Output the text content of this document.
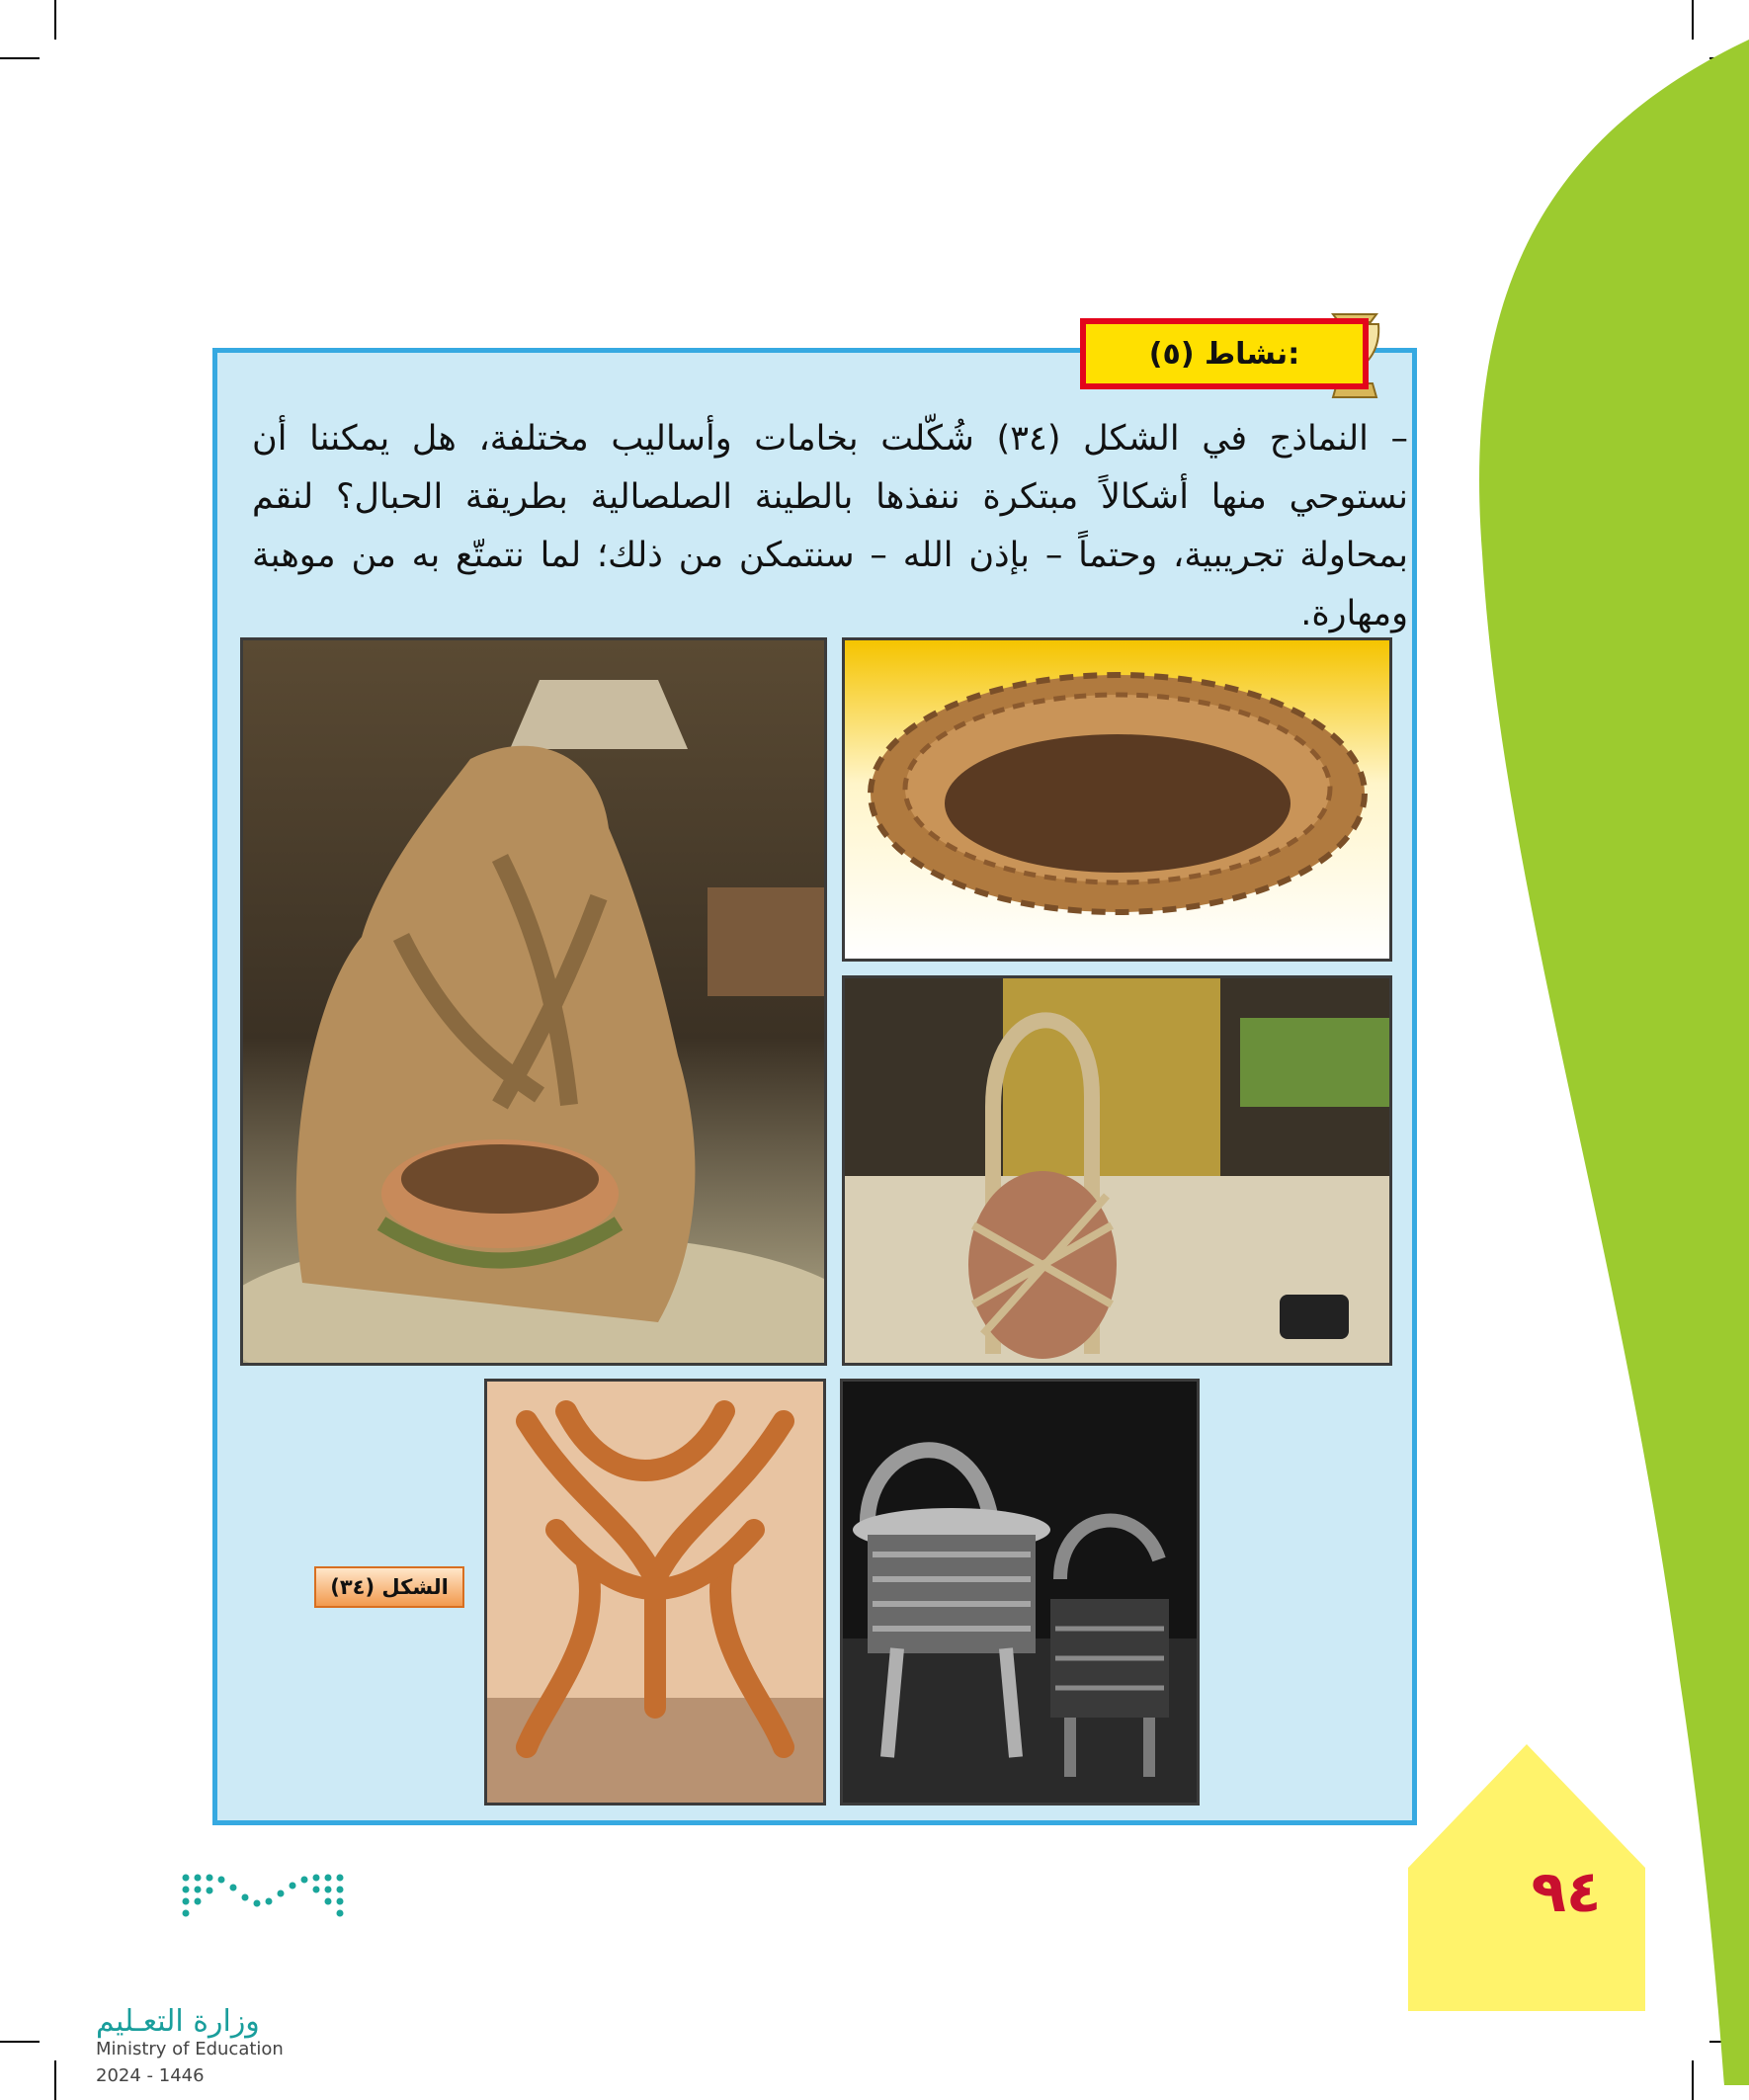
نشاط (٥):
– النماذج في الشكل (٣٤) شُكّلت بخامات وأساليب مختلفة، هل يمكننا أن نستوحي منها أشكالاً مبتكرة ننفذها بالطينة الصلصالية بطريقة الحبال؟ لنقم بمحاولة تجريبية، وحتماً – بإذن الله – سنتمكن من ذلك؛ لما نتمتّع به من موهبة ومهارة.
الشكل (٣٤)
٩٤
وزارة التعـليم
Ministry of Education
2024 - 1446
